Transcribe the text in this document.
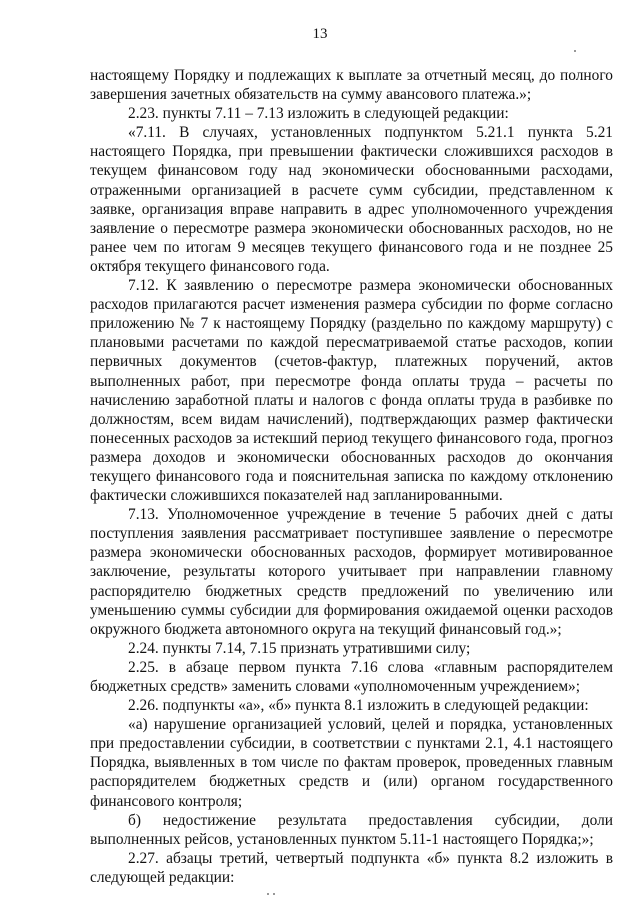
13

настоящему Порядку и подлежащих к выплате за отчетный месяц, до полного завершения зачетных обязательств на сумму авансового платежа.»;

2.23. пункты 7.11 – 7.13 изложить в следующей редакции:

«7.11. В случаях, установленных подпунктом 5.21.1 пункта 5.21 настоящего Порядка, при превышении фактически сложившихся расходов в текущем финансовом году над экономически обоснованными расходами, отраженными организацией в расчете сумм субсидии, представленном к заявке, организация вправе направить в адрес уполномоченного учреждения заявление о пересмотре размера экономически обоснованных расходов, но не ранее чем по итогам 9 месяцев текущего финансового года и не позднее 25 октября текущего финансового года.

7.12. К заявлению о пересмотре размера экономически обоснованных расходов прилагаются расчет изменения размера субсидии по форме согласно приложению № 7 к настоящему Порядку (раздельно по каждому маршруту) с плановыми расчетами по каждой пересматриваемой статье расходов, копии первичных документов (счетов-фактур, платежных поручений, актов выполненных работ, при пересмотре фонда оплаты труда – расчеты по начислению заработной платы и налогов с фонда оплаты труда в разбивке по должностям, всем видам начислений), подтверждающих размер фактически понесенных расходов за истекший период текущего финансового года, прогноз размера доходов и экономически обоснованных расходов до окончания текущего финансового года и пояснительная записка по каждому отклонению фактически сложившихся показателей над запланированными.

7.13. Уполномоченное учреждение в течение 5 рабочих дней с даты поступления заявления рассматривает поступившее заявление о пересмотре размера экономически обоснованных расходов, формирует мотивированное заключение, результаты которого учитывает при направлении главному распорядителю бюджетных средств предложений по увеличению или уменьшению суммы субсидии для формирования ожидаемой оценки расходов окружного бюджета автономного округа на текущий финансовый год.»;

2.24. пункты 7.14, 7.15 признать утратившими силу;

2.25. в абзаце первом пункта 7.16 слова «главным распорядителем бюджетных средств» заменить словами «уполномоченным учреждением»;

2.26. подпункты «а», «б» пункта 8.1 изложить в следующей редакции:

«а) нарушение организацией условий, целей и порядка, установленных при предоставлении субсидии, в соответствии с пунктами 2.1, 4.1 настоящего Порядка, выявленных в том числе по фактам проверок, проведенных главным распорядителем бюджетных средств и (или) органом государственного финансового контроля;

б) недостижение результата предоставления субсидии, доли выполненных рейсов, установленных пунктом 5.11-1 настоящего Порядка;»;

2.27. абзацы третий, четвертый подпункта «б» пункта 8.2 изложить в следующей редакции:
